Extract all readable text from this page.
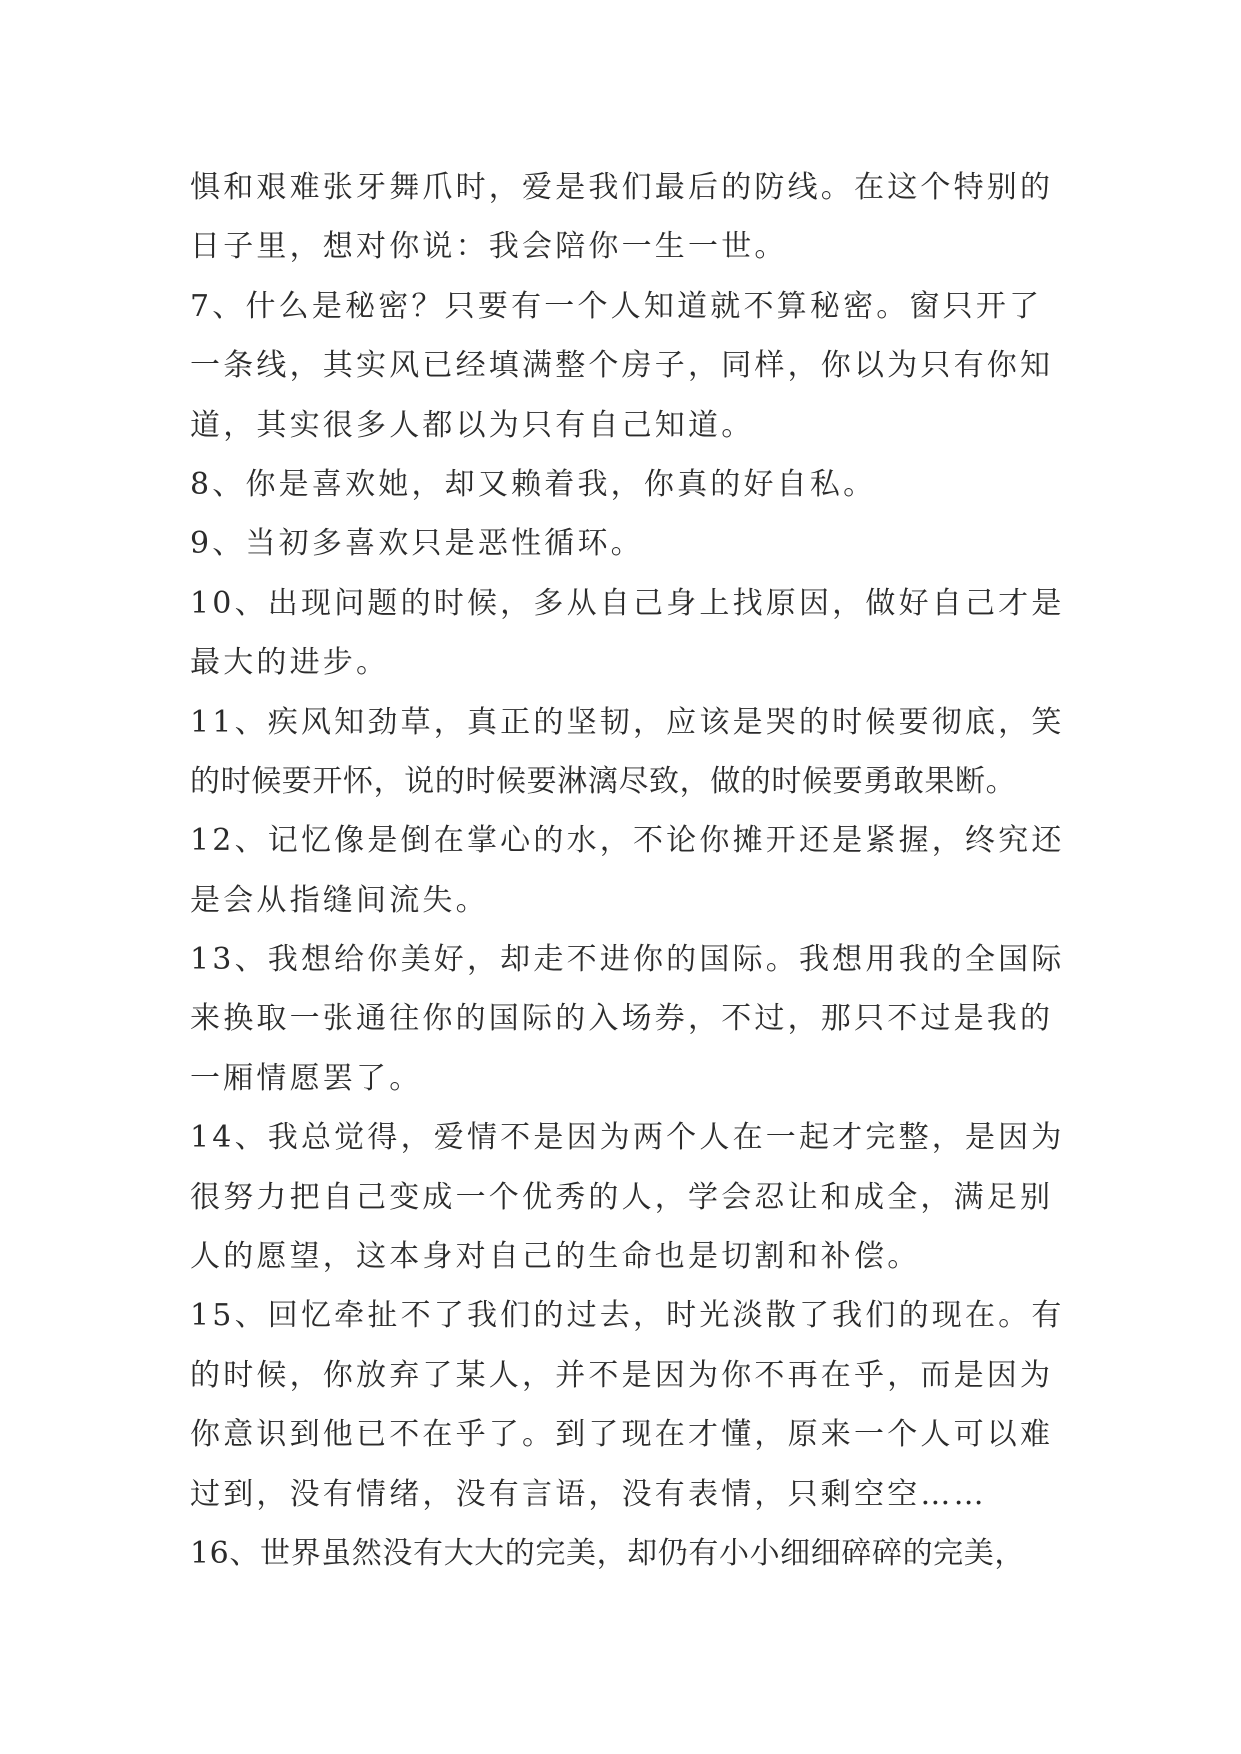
惧和艰难张牙舞爪时，爱是我们最后的防线。在这个特别的
日子里，想对你说：我会陪你一生一世。
7、什么是秘密？只要有一个人知道就不算秘密。窗只开了
一条线，其实风已经填满整个房子，同样，你以为只有你知
道，其实很多人都以为只有自己知道。
8、你是喜欢她，却又赖着我，你真的好自私。
9、当初多喜欢只是恶性循环。
10、出现问题的时候，多从自己身上找原因，做好自己才是
最大的进步。
11、疾风知劲草，真正的坚韧，应该是哭的时候要彻底，笑
的时候要开怀，说的时候要淋漓尽致，做的时候要勇敢果断。
12、记忆像是倒在掌心的水，不论你摊开还是紧握，终究还
是会从指缝间流失。
13、我想给你美好，却走不进你的国际。我想用我的全国际
来换取一张通往你的国际的入场券，不过，那只不过是我的
一厢情愿罢了。
14、我总觉得，爱情不是因为两个人在一起才完整，是因为
很努力把自己变成一个优秀的人，学会忍让和成全，满足别
人的愿望，这本身对自己的生命也是切割和补偿。
15、回忆牵扯不了我们的过去，时光淡散了我们的现在。有
的时候，你放弃了某人，并不是因为你不再在乎，而是因为
你意识到他已不在乎了。到了现在才懂，原来一个人可以难
过到，没有情绪，没有言语，没有表情，只剩空空……
16、世界虽然没有大大的完美，却仍有小小细细碎碎的完美，
